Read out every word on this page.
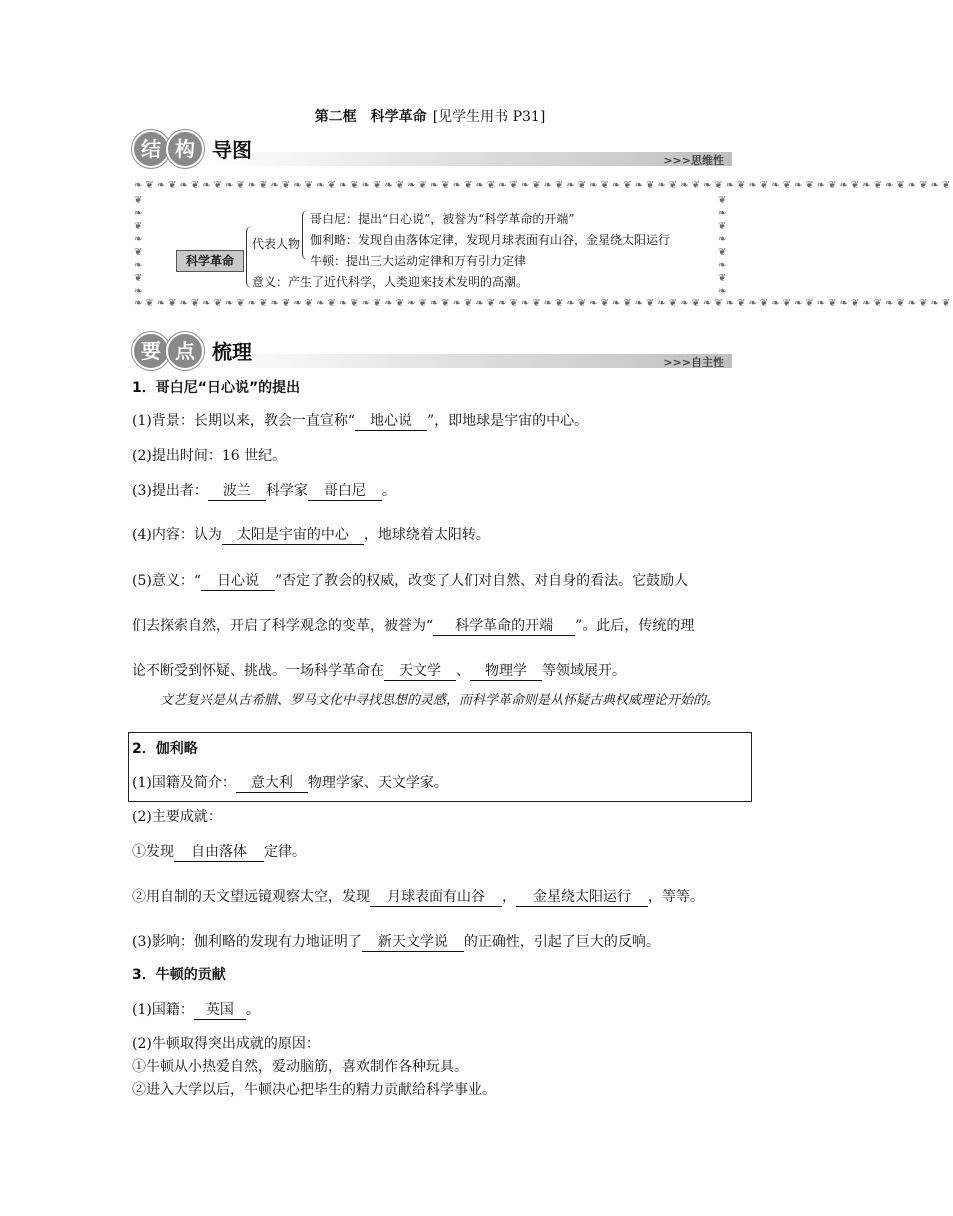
第二框　科学革命 [见学生用书 P31]
结 构 导图	>>>思维性
❧❦❧❦❧❦❧❦❧❦❧❦❧❦❧❦❧❦❧❦❧❦❧❦❧❦❧❦❧❦❧❦❧❦❧❦❧❦❧❦❧❦❧❦❧❦❧❦❧❦❧❦❧❦❧❦❧❦❧❦❧❦❧❦❧❦❧❦❧❦❧❦
❧❦❧❦❧❦❧❦❧❦❧❦❧❦❧❦❧❦❧❦❧❦❧❦❧❦❧❦❧❦❧❦❧❦❧❦❧❦❧❦❧❦❧❦❧❦❧❦❧❦❧❦❧❦❧❦❧❦❧❦❧❦❧❦❧❦❧❦❧❦❧❦
❦
❧
❦
❧
❦
❧
❦
❧
❦
❧
❦
❧
❦
❧
❦
❧
科学革命
代表人物
哥白尼：提出“日心说”，被誉为“科学革命的开端”
伽利略：发现自由落体定律，发现月球表面有山谷，金星绕太阳运行
牛顿：提出三大运动定律和万有引力定律
意义：产生了近代科学，人类迎来技术发明的高潮。
要 点 梳理	>>>自主性
1．哥白尼“日心说”的提出
(1)背景：长期以来，教会一直宣称“ 地心说 ”，即地球是宇宙的中心。
(2)提出时间：16 世纪。
(3)提出者： 波兰 科学家 哥白尼 。
(4)内容：认为 太阳是宇宙的中心 ，地球绕着太阳转。
(5)意义：“ 日心说 ”否定了教会的权威，改变了人们对自然、对自身的看法。它鼓励人
们去探索自然，开启了科学观念的变革，被誉为“ 科学革命的开端 ”。此后，传统的理
论不断受到怀疑、挑战。一场科学革命在 天文学 、 物理学 等领域展开。
文艺复兴是从古希腊、罗马文化中寻找思想的灵感，而科学革命则是从怀疑古典权威理论开始的。
2．伽利略
(1)国籍及简介： 意大利 物理学家、天文学家。
(2)主要成就：
①发现 自由落体 定律。
②用自制的天文望远镜观察太空，发现 月球表面有山谷 ， 金星绕太阳运行 ，等等。
(3)影响：伽利略的发现有力地证明了 新天文学说 的正确性，引起了巨大的反响。
3．牛顿的贡献
(1)国籍： 英国 。
(2)牛顿取得突出成就的原因：
①牛顿从小热爱自然，爱动脑筋，喜欢制作各种玩具。
②进入大学以后，牛顿决心把毕生的精力贡献给科学事业。
